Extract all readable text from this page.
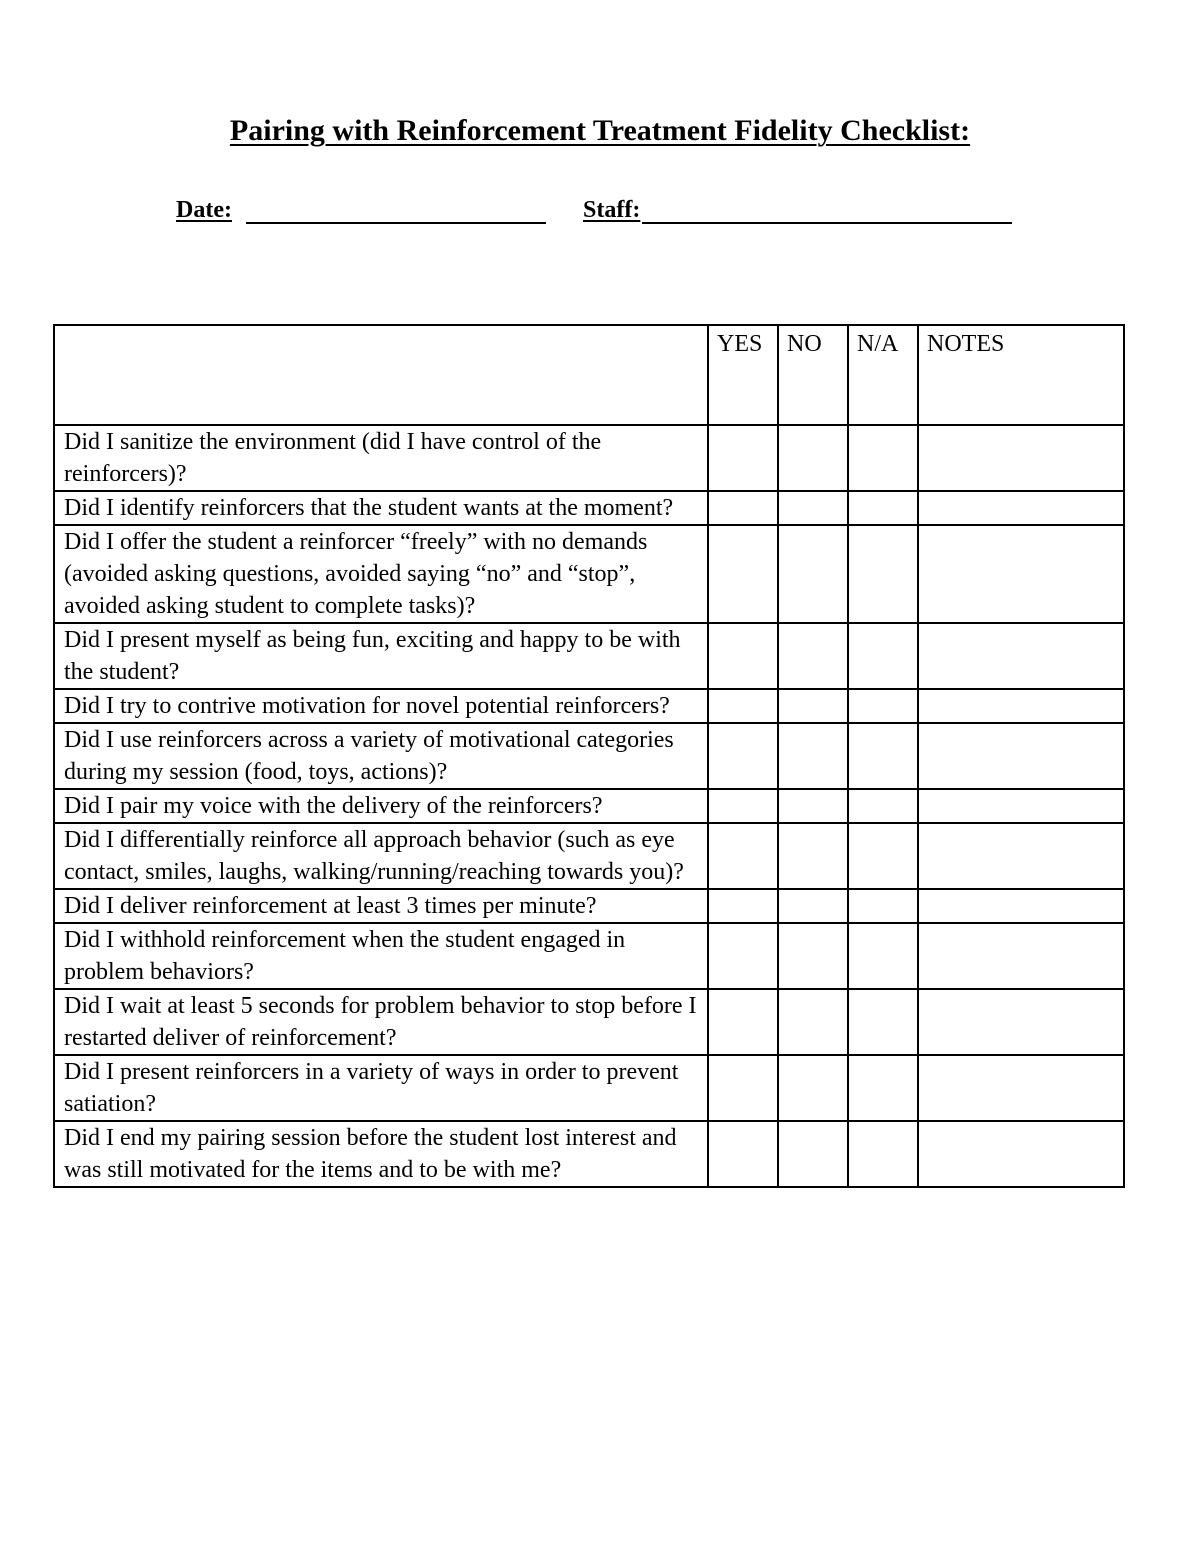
Pairing with Reinforcement Treatment Fidelity Checklist:
Date:	Staff:
	YES	NO	N/A	NOTES
Did I sanitize the environment (did I have control of the reinforcers)?				
Did I identify reinforcers that the student wants at the moment?				
Did I offer the student a reinforcer “freely” with no demands (avoided asking questions, avoided saying “no” and “stop”, avoided asking student to complete tasks)?				
Did I present myself as being fun, exciting and happy to be with the student?				
Did I try to contrive motivation for novel potential reinforcers?				
Did I use reinforcers across a variety of motivational categories during my session (food, toys, actions)?				
Did I pair my voice with the delivery of the reinforcers?				
Did I differentially reinforce all approach behavior (such as eye contact, smiles, laughs, walking/running/reaching towards you)?				
Did I deliver reinforcement at least 3 times per minute?				
Did I withhold reinforcement when the student engaged in problem behaviors?				
Did I wait at least 5 seconds for problem behavior to stop before I restarted deliver of reinforcement?				
Did I present reinforcers in a variety of ways in order to prevent satiation?				
Did I end my pairing session before the student lost interest and was still motivated for the items and to be with me?				
